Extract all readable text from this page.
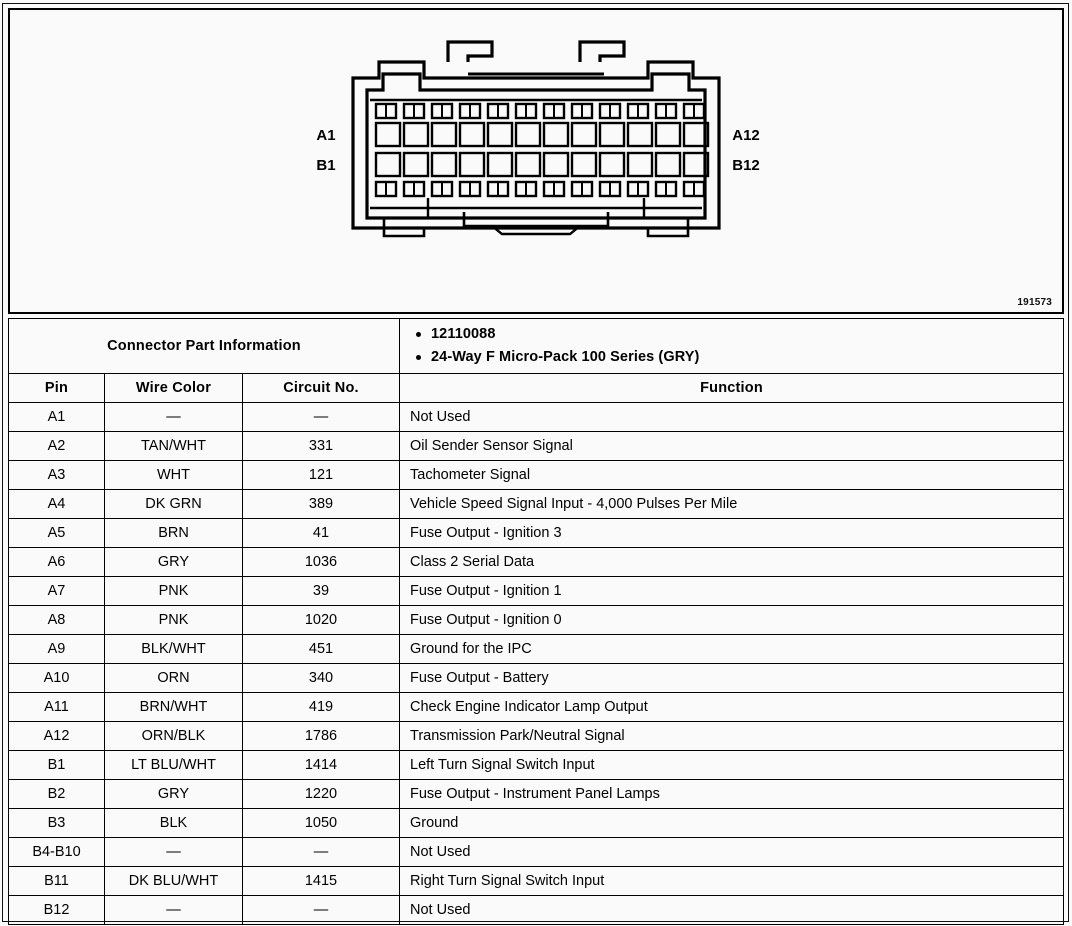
A1
B1
A12
B12
191573
Connector Part Information	
12110088
24-Way F Micro-Pack 100 Series (GRY)

Pin	Wire Color	Circuit No.	Function
A1	—	—	Not Used
A2	TAN/WHT	331	Oil Sender Sensor Signal
A3	WHT	121	Tachometer Signal
A4	DK GRN	389	Vehicle Speed Signal Input - 4,000 Pulses Per Mile
A5	BRN	41	Fuse Output - Ignition 3
A6	GRY	1036	Class 2 Serial Data
A7	PNK	39	Fuse Output - Ignition 1
A8	PNK	1020	Fuse Output - Ignition 0
A9	BLK/WHT	451	Ground for the IPC
A10	ORN	340	Fuse Output - Battery
A11	BRN/WHT	419	Check Engine Indicator Lamp Output
A12	ORN/BLK	1786	Transmission Park/Neutral Signal
B1	LT BLU/WHT	1414	Left Turn Signal Switch Input
B2	GRY	1220	Fuse Output - Instrument Panel Lamps
B3	BLK	1050	Ground
B4-B10	—	—	Not Used
B11	DK BLU/WHT	1415	Right Turn Signal Switch Input
B12	—	—	Not Used
